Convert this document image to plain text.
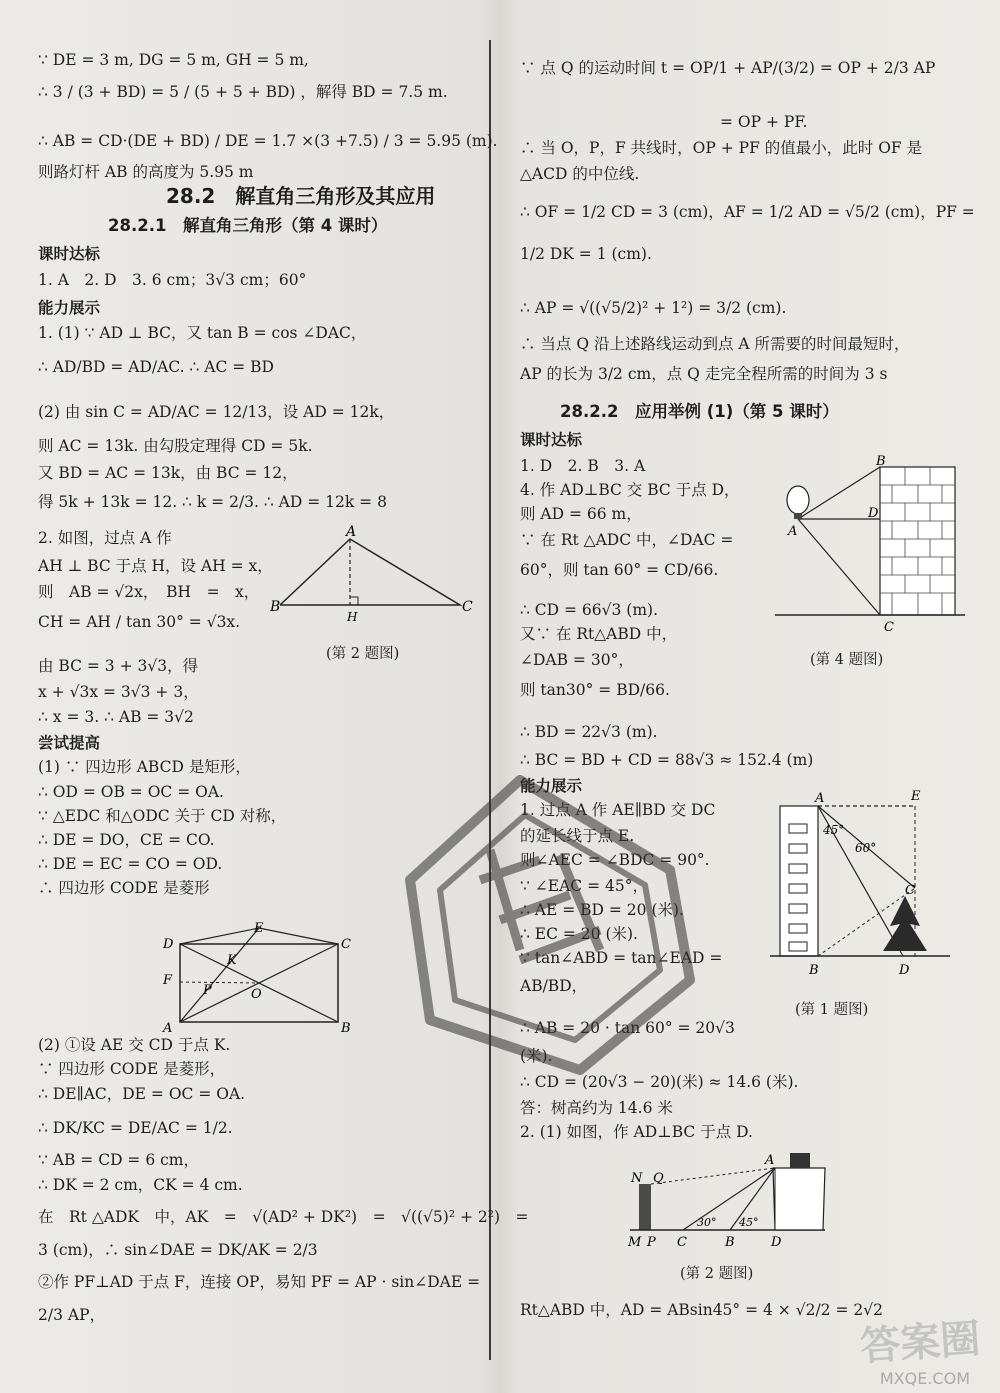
∵ DE = 3 m, DG = 5 m, GH = 5 m,
∴ 3 / (3 + BD) = 5 / (5 + 5 + BD) ，解得 BD = 7.5 m.
∴ AB = CD·(DE + BD) / DE = 1.7 ×(3 +7.5) / 3 = 5.95 (m).
则路灯杆 AB 的高度为 5.95 m
28.2　解直角三角形及其应用
28.2.1　解直角三角形（第 4 课时）
课时达标
1. A　2. D　3. 6 cm；3√3 cm；60°
能力展示
1. (1) ∵ AD ⊥ BC，又 tan B = cos ∠DAC，
∴ AD/BD = AD/AC. ∴ AC = BD
(2) 由 sin C = AD/AC = 12/13，设 AD = 12k，
则 AC = 13k. 由勾股定理得 CD = 5k.
又 BD = AC = 13k，由 BC = 12，
得 5k + 13k = 12. ∴ k = 2/3. ∴ AD = 12k = 8
2. 如图，过点 A 作
AH ⊥ BC 于点 H，设 AH = x，
则　AB = √2x，　BH　=　x，
CH = AH / tan 30° = √3x.
(第 2 题图)
由 BC = 3 + 3√3，得
x + √3x = 3√3 + 3，
∴ x = 3. ∴ AB = 3√2
尝试提高
(1) ∵ 四边形 ABCD 是矩形，
∴ OD = OB = OC = OA.
∵ △EDC 和△ODC 关于 CD 对称，
∴ DE = DO，CE = CO.
∴ DE = EC = CO = OD.
∴ 四边形 CODE 是菱形
(2) ①设 AE 交 CD 于点 K.
∵ 四边形 CODE 是菱形，
∴ DE∥AC，DE = OC = OA.
∴ DK/KC = DE/AC = 1/2.
∵ AB = CD = 6 cm，
∴ DK = 2 cm，CK = 4 cm.
在　Rt △ADK　中，AK　=　√(AD² + DK²)　=　√((√5)² + 2²)　=
3 (cm)，∴ sin∠DAE = DK/AK = 2/3
②作 PF⊥AD 于点 F，连接 OP，易知 PF = AP · sin∠DAE =
2/3 AP，
A
B	C
H
E
D	C
K
F
P	O
A	B
∵ 点 Q 的运动时间 t = OP/1 + AP/(3/2) = OP + 2/3 AP
= OP + PF.
∴ 当 O，P，F 共线时，OP + PF 的值最小，此时 OF 是
△ACD 的中位线.
∴ OF = 1/2 CD = 3 (cm)，AF = 1/2 AD = √5/2 (cm)，PF =
1/2 DK = 1 (cm).
∴ AP = √((√5/2)² + 1²) = 3/2 (cm).
∴ 当点 Q 沿上述路线运动到点 A 所需要的时间最短时，
AP 的长为 3/2 cm，点 Q 走完全程所需的时间为 3 s
28.2.2　应用举例 (1)（第 5 课时）
课时达标
1. D　2. B　3. A
4. 作 AD⊥BC 交 BC 于点 D，
则 AD = 66 m，
∵ 在 Rt △ADC 中，∠DAC =
60°，则 tan 60° = CD/66.
∴ CD = 66√3 (m).
又∵ 在 Rt△ABD 中，
∠DAB = 30°，
则 tan30° = BD/66.
∴ BD = 22√3 (m).
∴ BC = BD + CD = 88√3 ≈ 152.4 (m)
(第 4 题图)
能力展示
1. 过点 A 作 AE∥BD 交 DC
的延长线于点 E.
则∠AEC = ∠BDC = 90°.
∵ ∠EAC = 45°，
∴ AE = BD = 20 (米).
∴ EC = 20 (米).
∵ tan∠ABD = tan∠EAD =
AB/BD，
∴ AB = 20 · tan 60° = 20√3
(米).
(第 1 题图)
∴ CD = (20√3 − 20)(米) ≈ 14.6 (米).
答：树高约为 14.6 米
2. (1) 如图，作 AD⊥BC 于点 D.
(第 2 题图)
Rt△ABD 中，AD = ABsin45° = 4 × √2/2 = 2√2
B
D
A
C
A	E
45°
60°
C
B	D
N Q
A
30° 45°
M P C	B	D
答案圈
MXQE.COM
